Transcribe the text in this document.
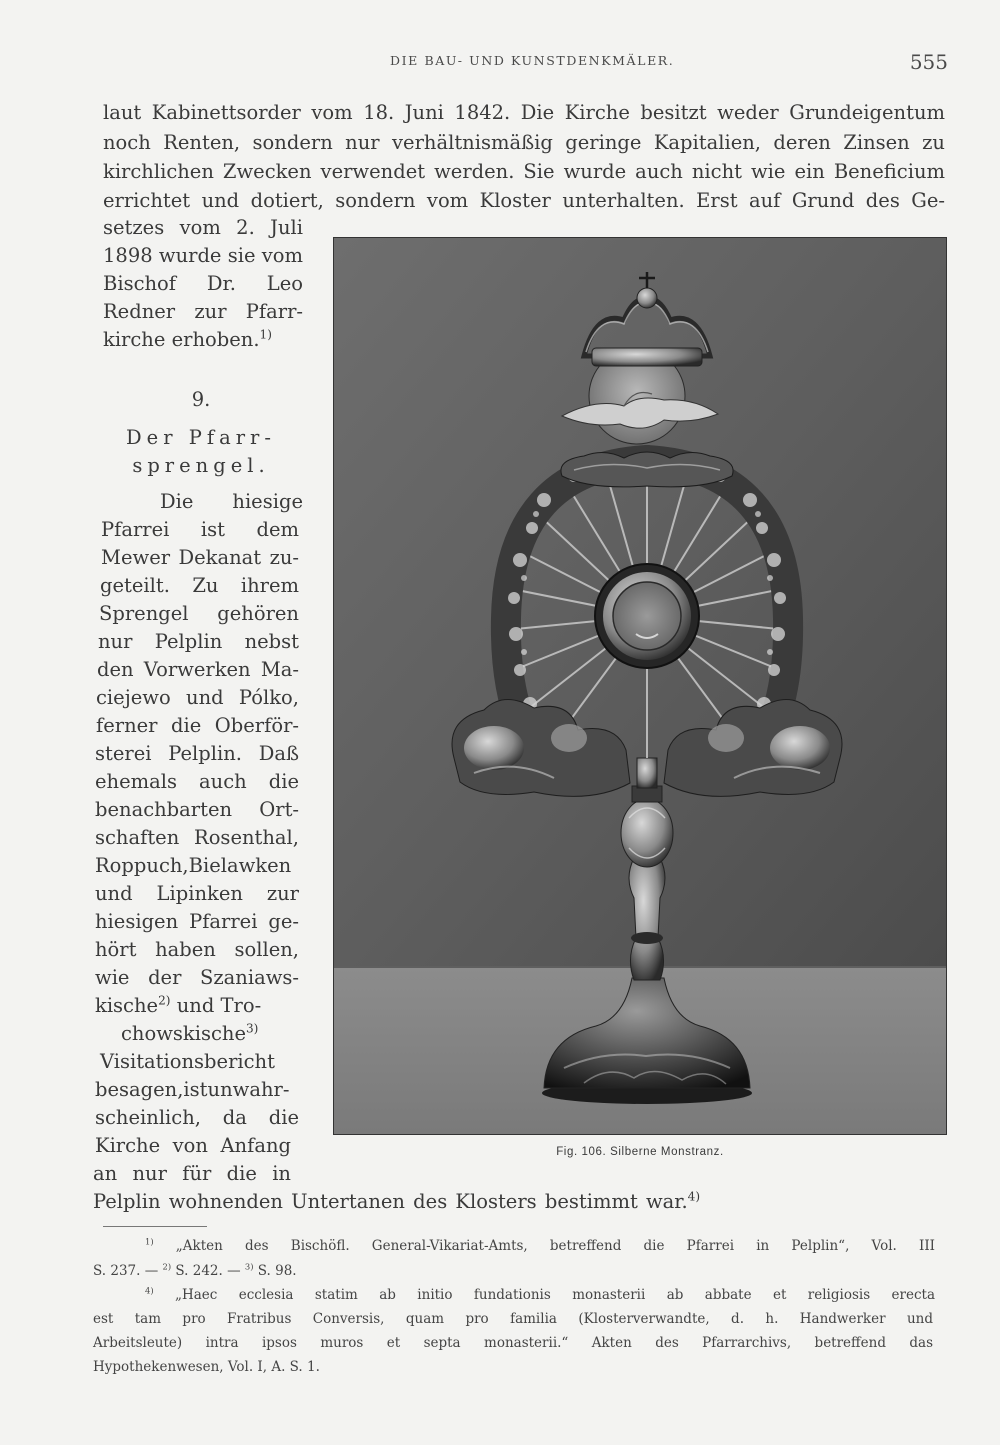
DIE BAU- UND KUNSTDENKMÄLER.	555
laut Kabinettsorder vom 18. Juni 1842. Die Kirche besitzt weder Grundeigentum
noch Renten, sondern nur verhältnismäßig geringe Kapitalien, deren Zinsen zu
kirchlichen Zwecken verwendet werden. Sie wurde auch nicht wie ein Beneficium
errichtet und dotiert, sondern vom Kloster unterhalten. Erst auf Grund des Ge-
setzes vom 2. Juli
1898 wurde sie vom
Bischof Dr. Leo
Redner zur Pfarr-
kirche erhoben.$^{1)}$
9.
Der Pfarr-
sprengel.
Die hiesige
Pfarrei ist dem
Mewer Dekanat zu-
geteilt. Zu ihrem
Sprengel gehören
nur Pelplin nebst
den Vorwerken Ma-
ciejewo und Pólko,
ferner die Oberför-
sterei Pelplin. Daß
ehemals auch die
benachbarten Ort-
schaften Rosenthal,
Roppuch,Bielawken
und Lipinken zur
hiesigen Pfarrei ge-
hört haben sollen,
wie der Szaniaws-
kische$^{2)}$ und Tro-
chowskische$^{3)}$
Visitationsbericht
besagen,istunwahr-
scheinlich, da die
Kirche von Anfang
an nur für die in
Pelplin wohnenden Untertanen des Klosters bestimmt war.$^{4)}$
Fig. 106. Silberne Monstranz.
$^{1)}$ „Akten des Bischöfl. General-Vikariat-Amts, betreffend die Pfarrei in Pelplin“, Vol. III
S. 237. — $^{2)}$ S. 242. — $^{3)}$ S. 98.
$^{4)}$ „Haec ecclesia statim ab initio fundationis monasterii ab abbate et religiosis erecta
est tam pro Fratribus Conversis, quam pro familia (Klosterverwandte, d. h. Handwerker und
Arbeitsleute) intra ipsos muros et septa monasterii.“ Akten des Pfarrarchivs, betreffend das
Hypothekenwesen, Vol. I, A. S. 1.
